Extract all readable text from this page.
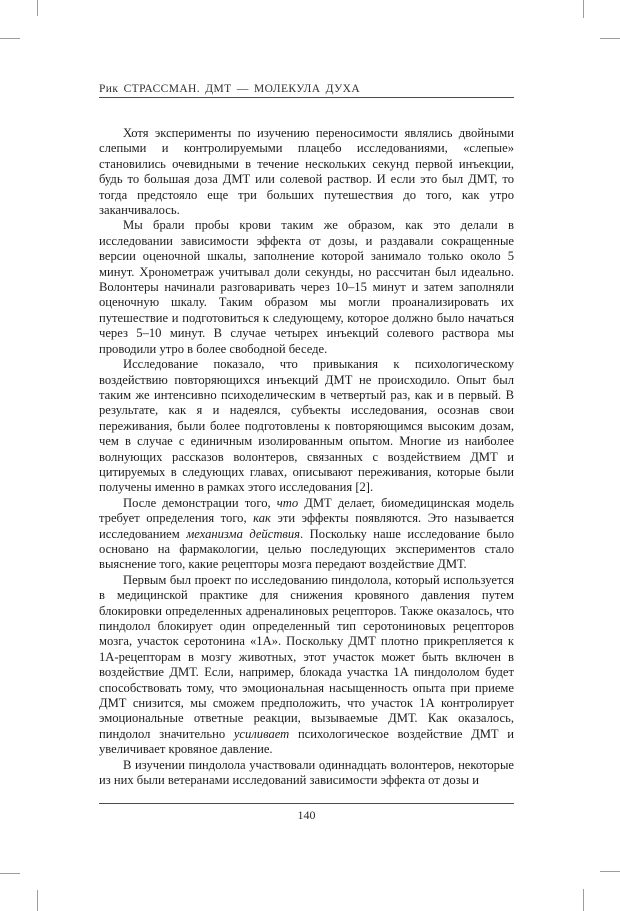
Рик СТРАССМАН. ДМТ — МОЛЕКУЛА ДУХА

Хотя эксперименты по изучению переносимости являлись двойными слепыми и контролируемыми плацебо исследованиями, «слепые» становились очевидными в течение нескольких секунд первой инъекции, будь то большая доза ДМТ или солевой раствор. И если это был ДМТ, то тогда предстояло еще три больших путешествия до того, как утро заканчивалось.

Мы брали пробы крови таким же образом, как это делали в исследовании зависимости эффекта от дозы, и раздавали сокращенные версии оценочной шкалы, заполнение которой занимало только около 5 минут. Хронометраж учитывал доли секунды, но рассчитан был идеально. Волонтеры начинали разговаривать через 10–15 минут и затем заполняли оценочную шкалу. Таким образом мы могли проанализировать их путешествие и подготовиться к следующему, которое должно было начаться через 5–10 минут. В случае четырех инъекций солевого раствора мы проводили утро в более свободной беседе.

Исследование показало, что привыкания к психологическому воздействию повторяющихся инъекций ДМТ не происходило. Опыт был таким же интенсивно психоделическим в четвертый раз, как и в первый. В результате, как я и надеялся, субъекты исследования, осознав свои переживания, были более подготовлены к повторяющимся высоким дозам, чем в случае с единичным изолированным опытом. Многие из наиболее волнующих рассказов волонтеров, связанных с воздействием ДМТ и цитируемых в следующих главах, описывают переживания, которые были получены именно в рамках этого исследования [2].

После демонстрации того, что ДМТ делает, биомедицинская модель требует определения того, как эти эффекты появляются. Это называется исследованием механизма действия. Поскольку наше исследование было основано на фармакологии, целью последующих экспериментов стало выяснение того, какие рецепторы мозга передают воздействие ДМТ.

Первым был проект по исследованию пиндолола, который используется в медицинской практике для снижения кровяного давления путем блокировки определенных адреналиновых рецепторов. Также оказалось, что пиндолол блокирует один определенный тип серотониновых рецепторов мозга, участок серотонина «1А». Поскольку ДМТ плотно прикрепляется к 1А-рецепторам в мозгу животных, этот участок может быть включен в воздействие ДМТ. Если, например, блокада участка 1А пиндололом будет способствовать тому, что эмоциональная насыщенность опыта при приеме ДМТ снизится, мы сможем предположить, что участок 1А контролирует эмоциональные ответные реакции, вызываемые ДМТ. Как оказалось, пиндолол значительно усиливает психологическое воздействие ДМТ и увеличивает кровяное давление.

В изучении пиндолола участвовали одиннадцать волонтеров, некоторые из них были ветеранами исследований зависимости эффекта от дозы и

140
